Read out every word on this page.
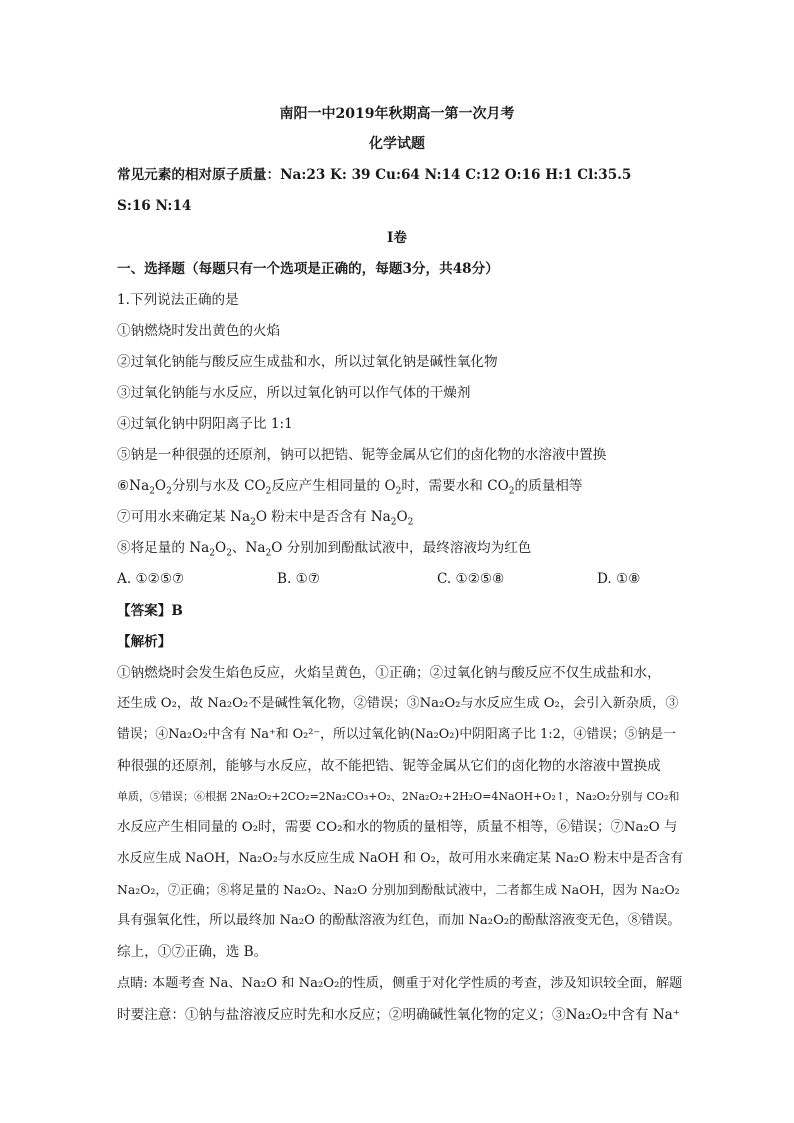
南阳一中2019年秋期高一第一次月考
化学试题
常见元素的相对原子质量：Na:23 K: 39 Cu:64 N:14 C:12 O:16 H:1 Cl:35.5
S:16 N:14
I卷
一、选择题（每题只有一个选项是正确的，每题3分，共48分）
1.下列说法正确的是
①钠燃烧时发出黄色的火焰
②过氧化钠能与酸反应生成盐和水，所以过氧化钠是碱性氧化物
③过氧化钠能与水反应，所以过氧化钠可以作气体的干燥剂
④过氧化钠中阴阳离子比 1:1
⑤钠是一种很强的还原剂，钠可以把锆、铌等金属从它们的卤化物的水溶液中置换
$⑥Na_2O_2$分别与水及 $CO_2$反应产生相同量的 $O_2$时，需要水和 $CO_2$的质量相等
⑦可用水来确定某 $Na_2O$ 粉末中是否含有 $Na_2O_2$
⑧将足量的 $Na_2O_2$、$Na_2O$ 分别加到酚酞试液中，最终溶液均为红色
A. ①②⑤⑦	B. ①⑦	C. ①②⑤⑧	D. ①⑧
【答案】B
【解析】
①钠燃烧时会发生焰色反应，火焰呈黄色，①正确；②过氧化钠与酸反应不仅生成盐和水，
还生成 O₂，故 Na₂O₂不是碱性氧化物，②错误；③Na₂O₂与水反应生成 O₂，会引入新杂质，③
错误；④Na₂O₂中含有 Na⁺和 O₂²⁻，所以过氧化钠(Na₂O₂)中阴阳离子比 1:2，④错误；⑤钠是一
种很强的还原剂，能够与水反应，故不能把锆、铌等金属从它们的卤化物的水溶液中置换成
单质，⑤错误；⑥根据 2Na₂O₂+2CO₂=2Na₂CO₃+O₂、2Na₂O₂+2H₂O=4NaOH+O₂↑，Na₂O₂分别与 CO₂和
水反应产生相同量的 O₂时，需要 CO₂和水的物质的量相等，质量不相等，⑥错误；⑦Na₂O 与
水反应生成 NaOH，Na₂O₂与水反应生成 NaOH 和 O₂，故可用水来确定某 Na₂O 粉末中是否含有
Na₂O₂，⑦正确；⑧将足量的 Na₂O₂、Na₂O 分别加到酚酞试液中，二者都生成 NaOH，因为 Na₂O₂
具有强氧化性，所以最终加 Na₂O 的酚酞溶液为红色，而加 Na₂O₂的酚酞溶液变无色，⑧错误。
综上，①⑦正确，选 B。
点睛: 本题考查 Na、Na₂O 和 Na₂O₂的性质，侧重于对化学性质的考查，涉及知识较全面，解题
时要注意：①钠与盐溶液反应时先和水反应；②明确碱性氧化物的定义；③Na₂O₂中含有 Na⁺
